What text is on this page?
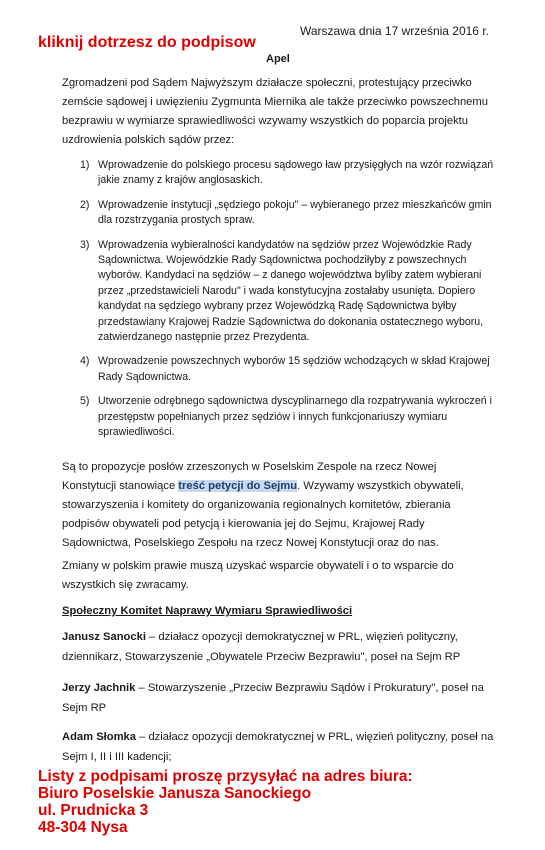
kliknij dotrzesz do podpisow
Warszawa dnia 17 września 2016 r.
Apel
Zgromadzeni pod Sądem Najwyższym działacze społeczni, protestujący przeciwko zemście sądowej i uwięzieniu Zygmunta Miernika ale także przeciwko powszechnemu bezprawiu w wymiarze sprawiedliwości wzywamy wszystkich do poparcia projektu uzdrowienia polskich sądów przez:
1) Wprowadzenie do polskiego procesu sądowego ław przysięgłych na wzór rozwiązań jakie znamy z krajów anglosaskich.
2) Wprowadzenie instytucji „sędziego pokoju" – wybieranego przez mieszkańców gmin dla rozstrzygania prostych spraw.
3) Wprowadzenia wybieralności kandydatów na sędziów przez Wojewódzkie Rady Sądownictwa. Wojewódzkie Rady Sądownictwa pochodziłyby z powszechnych wyborów. Kandydaci na sędziów – z danego województwa byliby zatem wybierani przez „przedstawicieli Narodu" i wada konstytucyjna zostałaby usunięta. Dopiero kandydat na sędziego wybrany przez Wojewódzką Radę Sądownictwa byłby przedstawiany Krajowej Radzie Sądownictwa do dokonania ostatecznego wyboru, zatwierdzanego następnie przez Prezydenta.
4) Wprowadzenie powszechnych wyborów 15 sędziów wchodzących w skład Krajowej Rady Sądownictwa.
5) Utworzenie odrębnego sądownictwa dyscyplinarnego dla rozpatrywania wykroczeń i przestępstw popełnianych przez sędziów i innych funkcjonariuszy wymiaru sprawiedliwości.
Są to propozycje posłów zrzeszonych w Poselskim Zespole na rzecz Nowej Konstytucji stanowiące treść petycji do Sejmu. Wzywamy wszystkich obywateli, stowarzyszenia i komitety do organizowania regionalnych komitetów, zbierania podpisów obywateli pod petycją i kierowania jej do Sejmu, Krajowej Rady Sądownictwa, Poselskiego Zespołu na rzecz Nowej Konstytucji oraz do nas.
Zmiany w polskim prawie muszą uzyskać wsparcie obywateli i o to wsparcie do wszystkich się zwracamy.
Społeczny Komitet Naprawy Wymiaru Sprawiedliwości
Janusz Sanocki – działacz opozycji demokratycznej w PRL, więzień polityczny, dziennikarz, Stowarzyszenie „Obywatele Przeciw Bezprawiu", poseł na Sejm RP
Jerzy Jachnik – Stowarzyszenie „Przeciw Bezprawiu Sądów i Prokuratury", poseł na Sejm RP
Adam Słomka – działacz opozycji demokratycznej w PRL, więzień polityczny, poseł na Sejm I, II i III kadencji;
Listy z podpisami proszę przysyłać na adres biura:
Biuro Poselskie Janusza Sanockiego
ul. Prudnicka 3
48-304 Nysa
